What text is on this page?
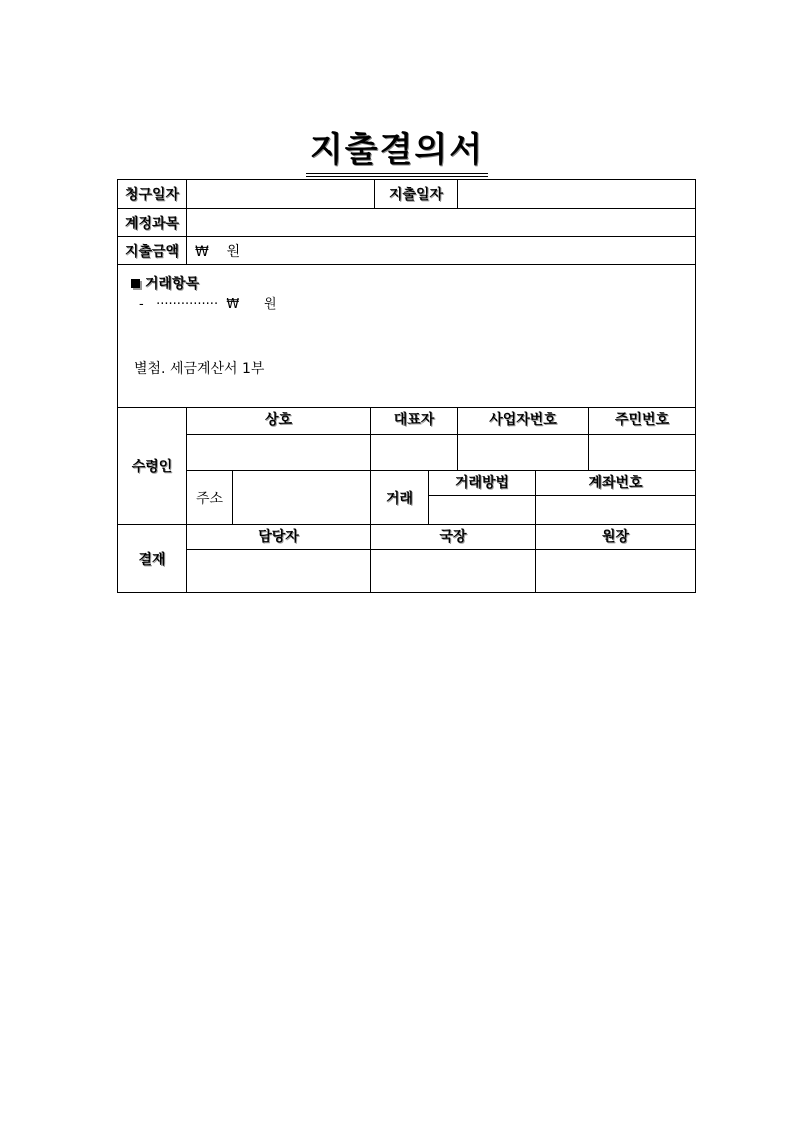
지출결의서
청구일자				지출일자				
계정과목								
지출금액	₩    원							

거래항목
-   ···············  ₩      원
별첨. 세금계산서 1부								

수령인	상호		대표자			사업자번호		주민번호

	주소		거래		거래방법		계좌번호	

결재	담당자		국장				원장	
